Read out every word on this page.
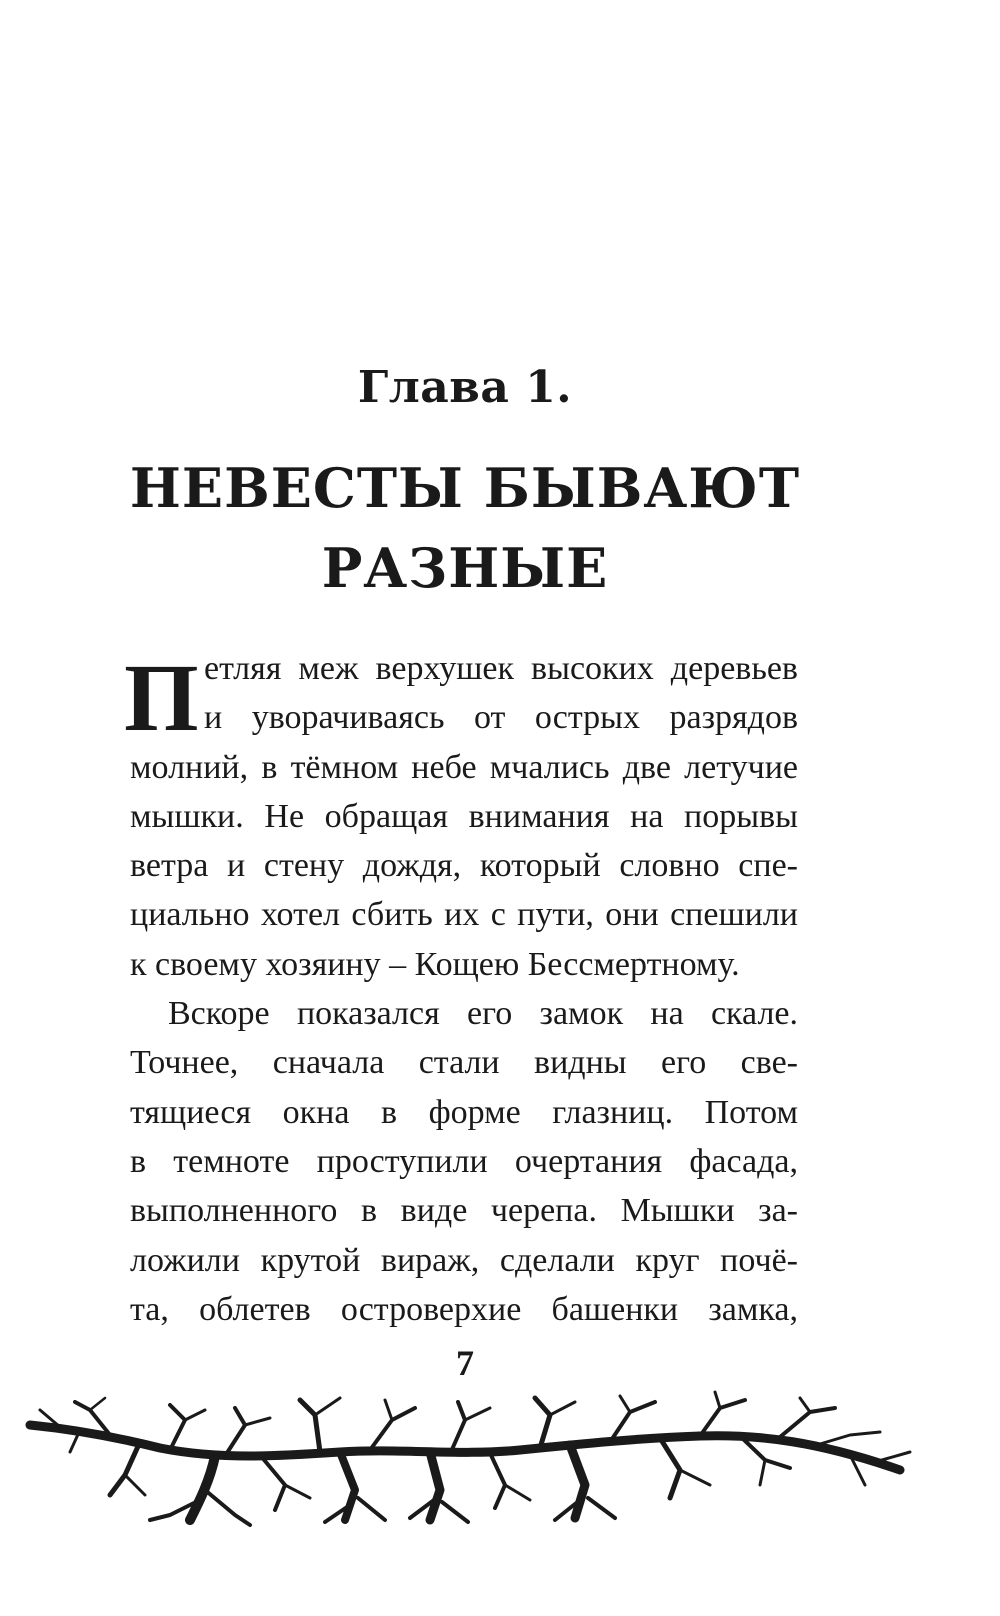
Глава 1.
НЕВЕСТЫ БЫВАЮТ
РАЗНЫЕ
П етляя меж верхушек высоких деревьев
и уворачиваясь от острых разрядов
молний, в тёмном небе мчались две летучие
мышки. Не обращая внимания на порывы
ветра и стену дождя, который словно спе-
циально хотел сбить их с пути, они спешили
к своему хозяину – Кощею Бессмертному.
Вскоре показался его замок на скале.
Точнее, сначала стали видны его све-
тящиеся окна в форме глазниц. Потом
в темноте проступили очертания фасада,
выполненного в виде черепа. Мышки за-
ложили крутой вираж, сделали круг почё-
та, облетев островерхие башенки замка,
7
